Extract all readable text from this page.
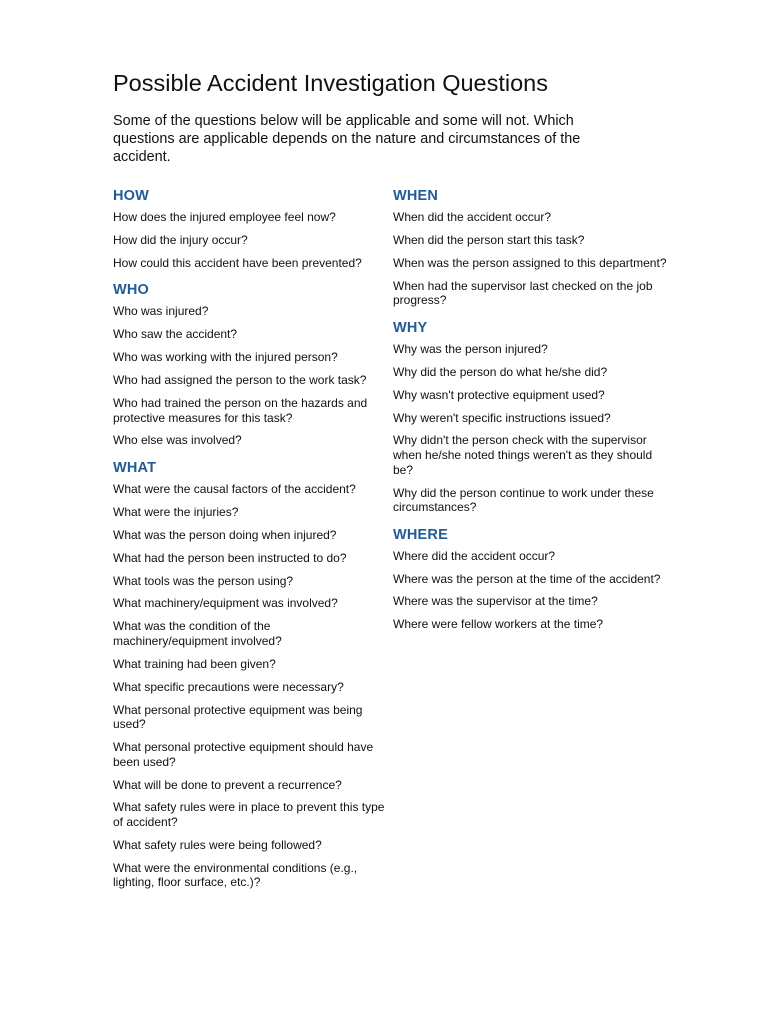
Possible Accident Investigation Questions

Some of the questions below will be applicable and some will not. Which questions are applicable depends on the nature and circumstances of the accident.

HOW
How does the injured employee feel now?
How did the injury occur?
How could this accident have been prevented?
WHO
Who was injured?
Who saw the accident?
Who was working with the injured person?
Who had assigned the person to the work task?
Who had trained the person on the hazards and protective measures for this task?
Who else was involved?
WHAT
What were the causal factors of the accident?
What were the injuries?
What was the person doing when injured?
What had the person been instructed to do?
What tools was the person using?
What machinery/equipment was involved?
What was the condition of the machinery/equipment involved?
What training had been given?
What specific precautions were necessary?
What personal protective equipment was being used?
What personal protective equipment should have been used?
What will be done to prevent a recurrence?
What safety rules were in place to prevent this type of accident?
What safety rules were being followed?
What were the environmental conditions (e.g., lighting, floor surface, etc.)?
WHEN
When did the accident occur?
When did the person start this task?
When was the person assigned to this department?
When had the supervisor last checked on the job progress?
WHY
Why was the person injured?
Why did the person do what he/she did?
Why wasn't protective equipment used?
Why weren't specific instructions issued?
Why didn't the person check with the supervisor when he/she noted things weren't as they should be?
Why did the person continue to work under these circumstances?
WHERE
Where did the accident occur?
Where was the person at the time of the accident?
Where was the supervisor at the time?
Where were fellow workers at the time?
